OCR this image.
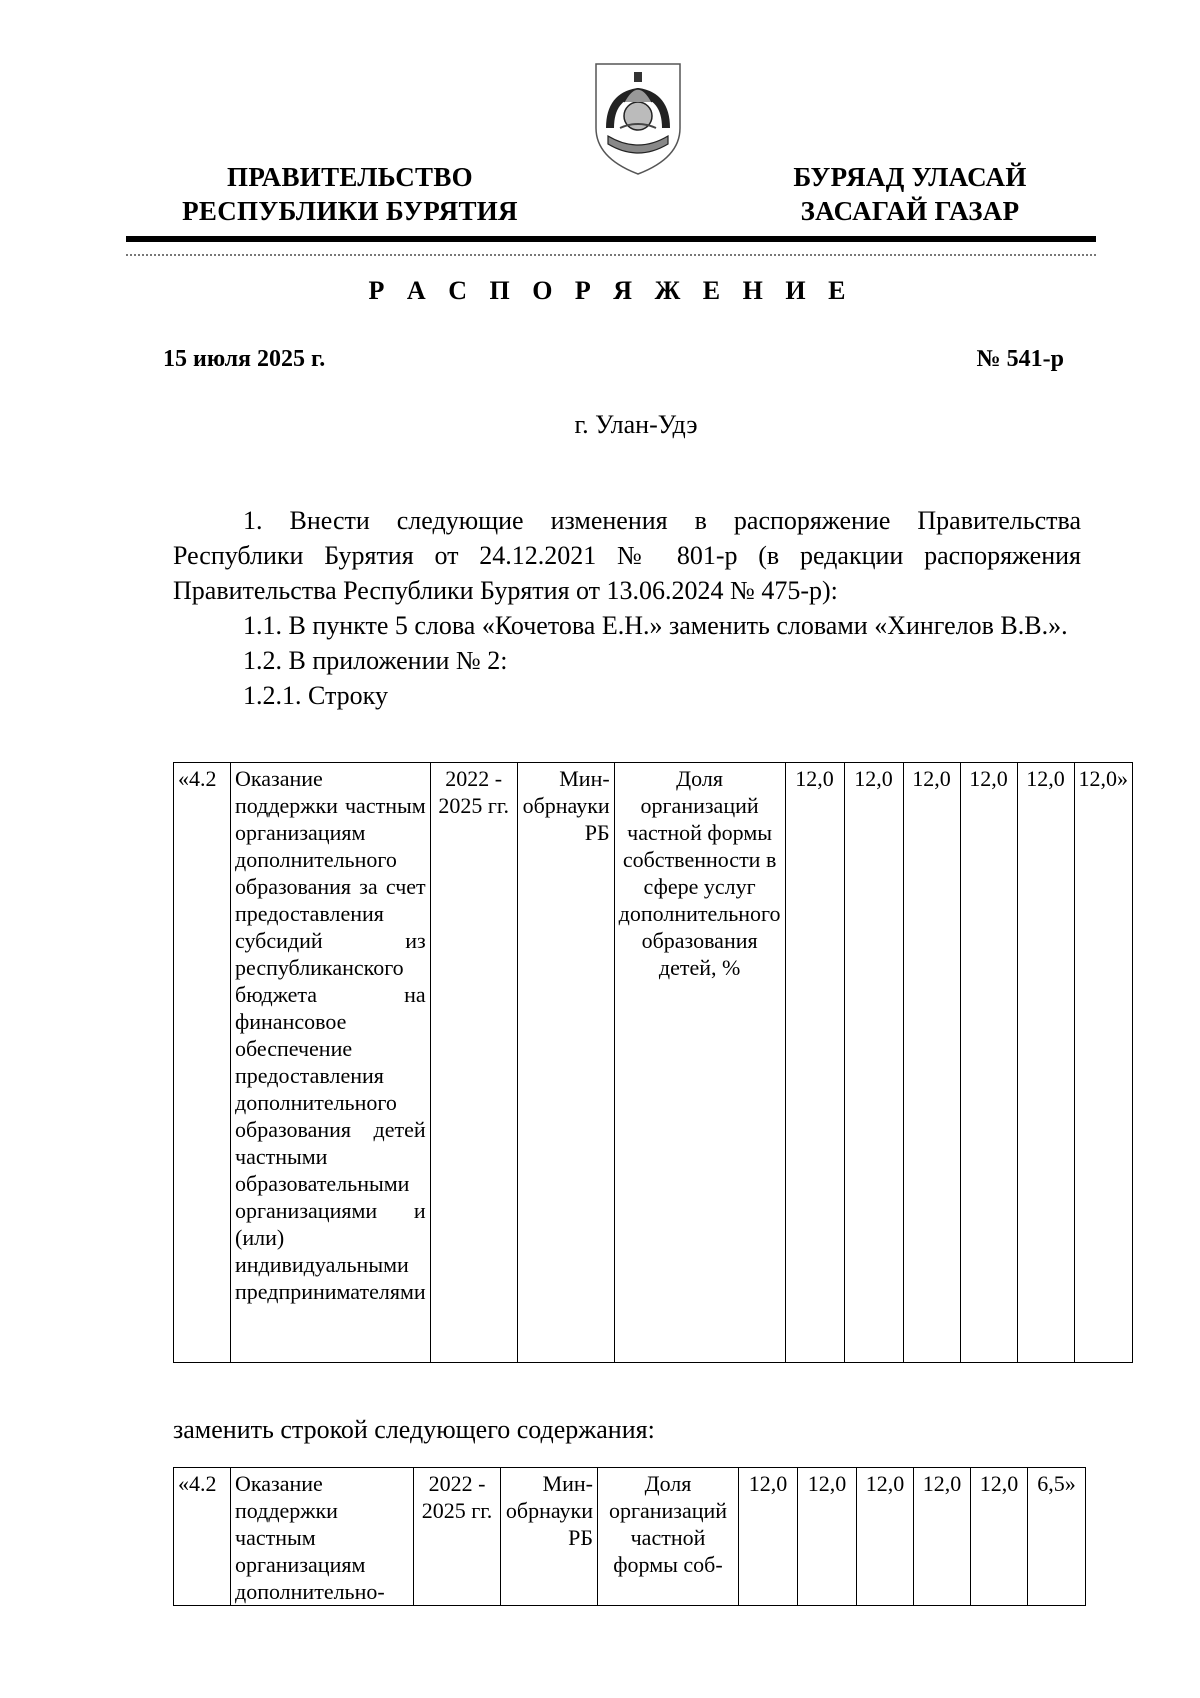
ПРАВИТЕЛЬСТВО
РЕСПУБЛИКИ БУРЯТИЯ
БУРЯАД УЛАСАЙ
ЗАСАГАЙ ГАЗАР
Р А С П О Р Я Ж Е Н И Е
15 июля 2025 г.	№ 541-р
г. Улан-Удэ

1. Внести следующие изменения в распоряжение Правительства Республики Бурятия от 24.12.2021 № 801-р (в редакции распоряжения Правительства Республики Бурятия от 13.06.2024 № 475-р):

1.1. В пункте 5 слова «Кочетова Е.Н.» заменить словами «Хингелов В.В.».

1.2. В приложении № 2:

1.2.1. Строку

«4.2	Оказание поддержки частным организациям дополнительного образования за счет предоставления субсидий из республиканского бюджета на финансовое обеспечение предоставления дополнительного образования детей частными образовательными организациями и (или) индивидуальными предпринимателями	2022 - 2025 гг.	Мин-обрнауки РБ	Доля организаций частной формы собственности в сфере услуг дополнительного образования детей, %	12,0	12,0	12,0	12,0	12,0	12,0»
заменить строкой следующего содержания:
«4.2	Оказание поддержки частным организациям дополнительно-	2022 - 2025 гг.	Мин-обрнауки РБ	Доля организаций частной формы соб-	12,0	12,0	12,0	12,0	12,0	6,5»
